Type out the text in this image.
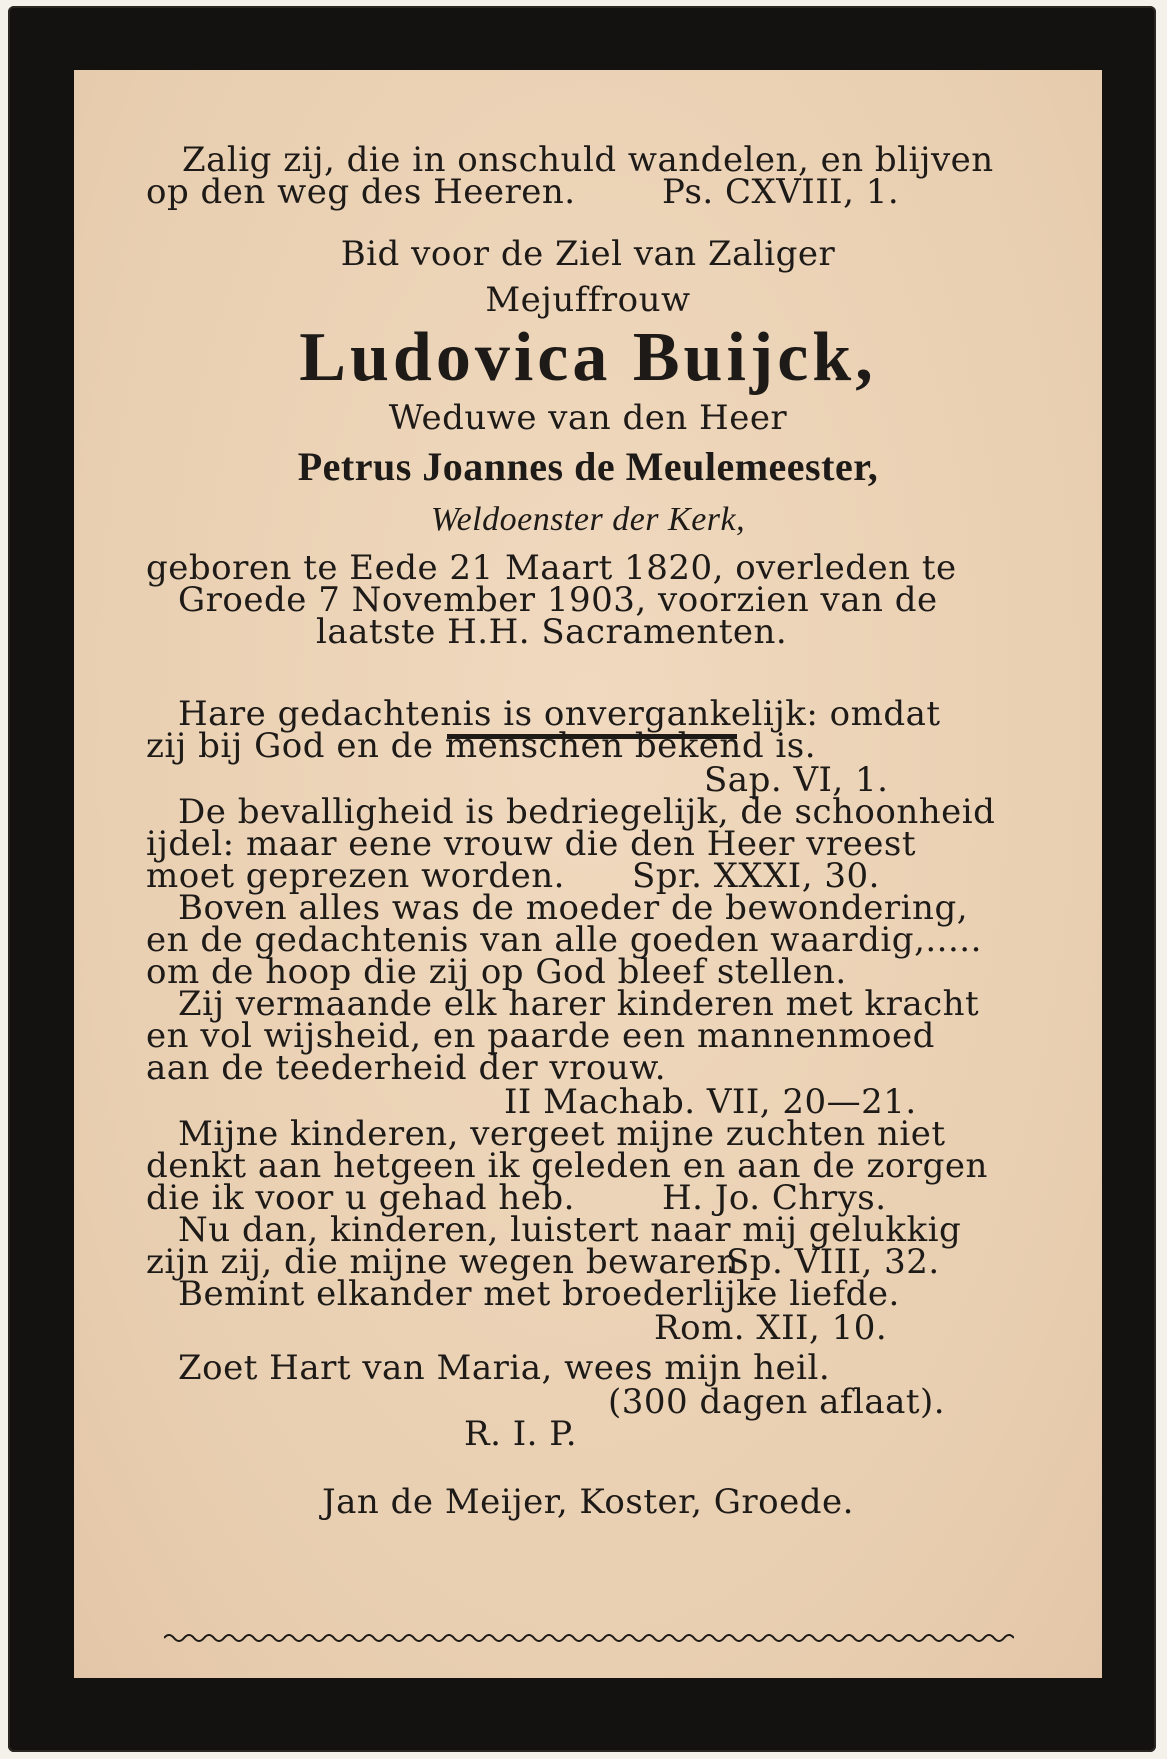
Zalig zij, die in onschuld wandelen, en blijven
op den weg des Heeren.	Ps. CXVIII, 1.
Bid voor de Ziel van Zaliger
Mejuffrouw
Ludovica Buijck,
Weduwe van den Heer
Petrus Joannes de Meulemeester,
Weldoenster der Kerk,
geboren te Eede 21 Maart 1820, overleden te
Groede 7 November 1903, voorzien van de
laatste H.H. Sacramenten.
Hare gedachtenis is onvergankelijk: omdat
zij bij God en de menschen bekend is.
Sap. VI, 1.
De bevalligheid is bedriegelijk, de schoonheid
ijdel: maar eene vrouw die den Heer vreest
moet geprezen worden. Spr. XXXI, 30.
Boven alles was de moeder de bewondering,
en de gedachtenis van alle goeden waardig,.....
om de hoop die zij op God bleef stellen.
Zij vermaande elk harer kinderen met kracht
en vol wijsheid, en paarde een mannenmoed
aan de teederheid der vrouw.
II Machab. VII, 20—21.
Mijne kinderen, vergeet mijne zuchten niet
denkt aan hetgeen ik geleden en aan de zorgen
die ik voor u gehad heb.	H. Jo. Chrys.
Nu dan, kinderen, luistert naar mij gelukkig
zijn zij, die mijne wegen bewaren
Sp. VIII, 32.
Bemint elkander met broederlijke liefde.
Rom. XII, 10.
Zoet Hart van Maria, wees mijn heil.
(300 dagen aflaat).
R. I. P.
Jan de Meijer, Koster, Groede.
